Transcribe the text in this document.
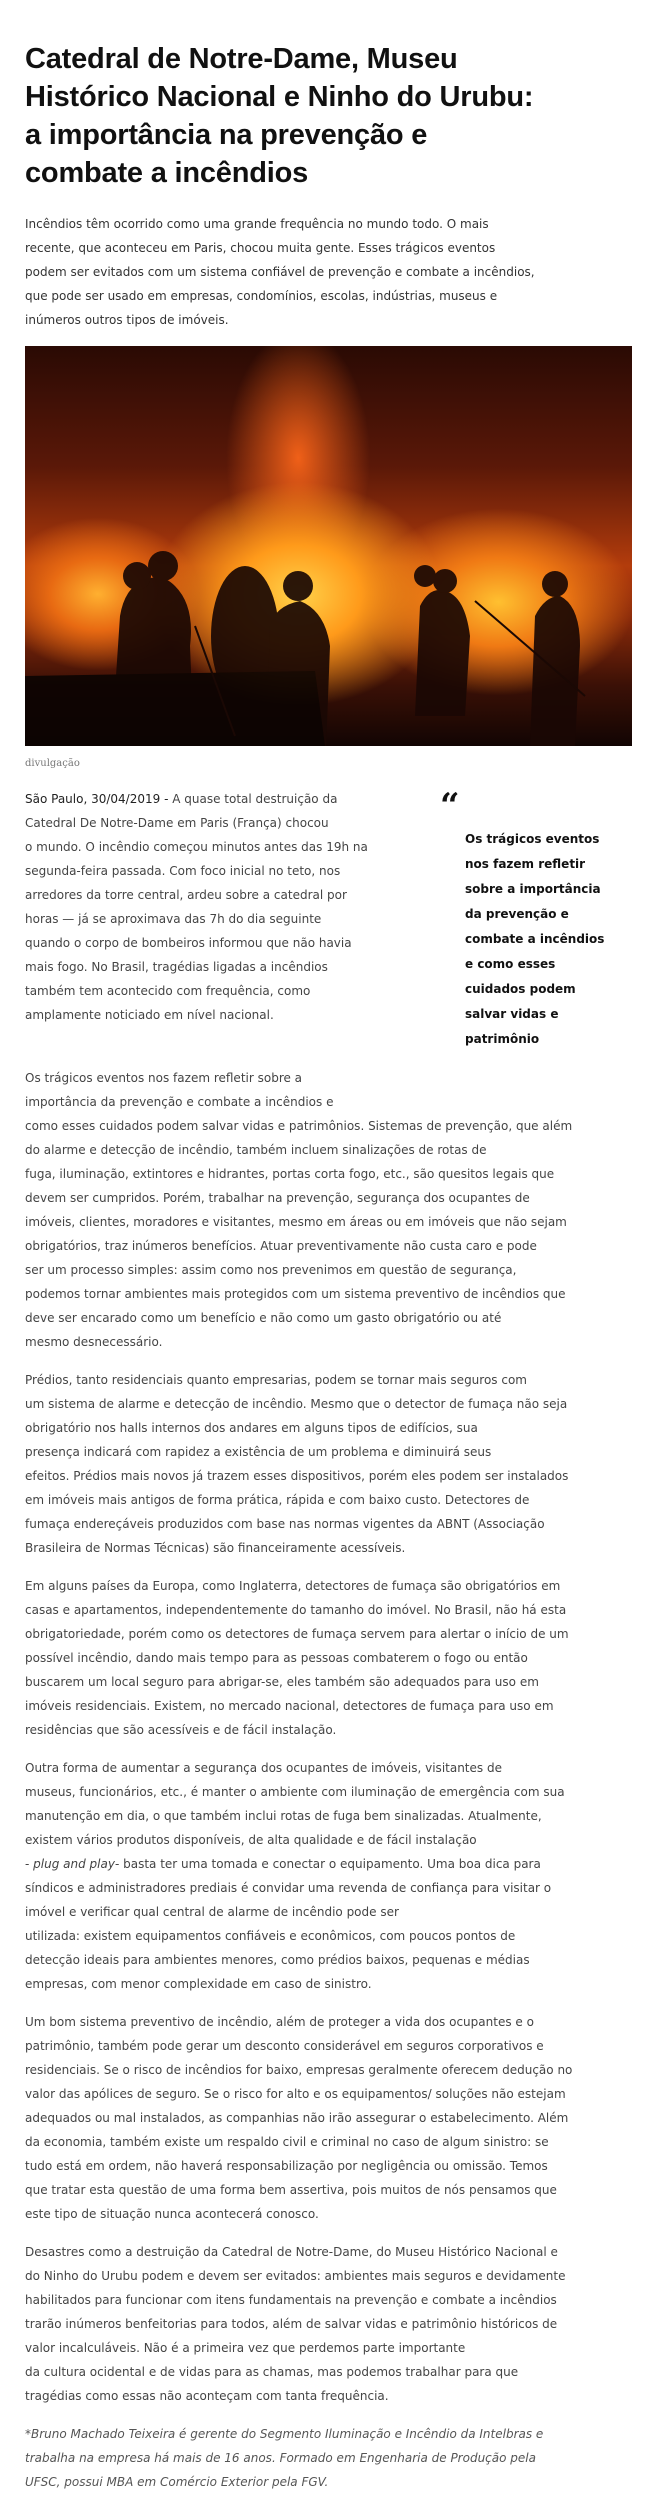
Catedral de Notre-Dame, Museu
Histórico Nacional e Ninho do Urubu:
a importância na prevenção e
combate a incêndios
Incêndios têm ocorrido como uma grande frequência no mundo todo. O mais
recente, que aconteceu em Paris, chocou muita gente. Esses trágicos eventos
podem ser evitados com um sistema confiável de prevenção e combate a incêndios,
que pode ser usado em empresas, condomínios, escolas, indústrias, museus e
inúmeros outros tipos de imóveis.
divulgação
São Paulo, 30/04/2019 - A quase total destruição da
Catedral De Notre-Dame em Paris (França) chocou
o mundo. O incêndio começou minutos antes das 19h na
segunda-feira passada. Com foco inicial no teto, nos
arredores da torre central, ardeu sobre a catedral por
horas — já se aproximava das 7h do dia seguinte
quando o corpo de bombeiros informou que não havia
mais fogo. No Brasil, tragédias ligadas a incêndios
também tem acontecido com frequência, como
amplamente noticiado em nível nacional.
“
Os trágicos eventos
nos fazem refletir
sobre a importância
da prevenção e
combate a incêndios
e como esses
cuidados podem
salvar vidas e
patrimônio
Os trágicos eventos nos fazem refletir sobre a
importância da prevenção e combate a incêndios e
como esses cuidados podem salvar vidas e patrimônios. Sistemas de prevenção, que além
do alarme e detecção de incêndio, também incluem sinalizações de rotas de
fuga, iluminação, extintores e hidrantes, portas corta fogo, etc., são quesitos legais que
devem ser cumpridos. Porém, trabalhar na prevenção, segurança dos ocupantes de
imóveis, clientes, moradores e visitantes, mesmo em áreas ou em imóveis que não sejam
obrigatórios, traz inúmeros benefícios. Atuar preventivamente não custa caro e pode
ser um processo simples: assim como nos prevenimos em questão de segurança,
podemos tornar ambientes mais protegidos com um sistema preventivo de incêndios que
deve ser encarado como um benefício e não como um gasto obrigatório ou até
mesmo desnecessário.
Prédios, tanto residenciais quanto empresarias, podem se tornar mais seguros com
um sistema de alarme e detecção de incêndio. Mesmo que o detector de fumaça não seja
obrigatório nos halls internos dos andares em alguns tipos de edifícios, sua
presença indicará com rapidez a existência de um problema e diminuirá seus
efeitos. Prédios mais novos já trazem esses dispositivos, porém eles podem ser instalados
em imóveis mais antigos de forma prática, rápida e com baixo custo. Detectores de
fumaça endereçáveis produzidos com base nas normas vigentes da ABNT (Associação
Brasileira de Normas Técnicas) são financeiramente acessíveis.
Em alguns países da Europa, como Inglaterra, detectores de fumaça são obrigatórios em
casas e apartamentos, independentemente do tamanho do imóvel. No Brasil, não há esta
obrigatoriedade, porém como os detectores de fumaça servem para alertar o início de um
possível incêndio, dando mais tempo para as pessoas combaterem o fogo ou então
buscarem um local seguro para abrigar-se, eles também são adequados para uso em
imóveis residenciais. Existem, no mercado nacional, detectores de fumaça para uso em
residências que são acessíveis e de fácil instalação.
Outra forma de aumentar a segurança dos ocupantes de imóveis, visitantes de
museus, funcionários, etc., é manter o ambiente com iluminação de emergência com sua
manutenção em dia, o que também inclui rotas de fuga bem sinalizadas. Atualmente,
existem vários produtos disponíveis, de alta qualidade e de fácil instalação
- plug and play- basta ter uma tomada e conectar o equipamento. Uma boa dica para
síndicos e administradores prediais é convidar uma revenda de confiança para visitar o
imóvel e verificar qual central de alarme de incêndio pode ser
utilizada: existem equipamentos confiáveis e econômicos, com poucos pontos de
detecção ideais para ambientes menores, como prédios baixos, pequenas e médias
empresas, com menor complexidade em caso de sinistro.
Um bom sistema preventivo de incêndio, além de proteger a vida dos ocupantes e o
patrimônio, também pode gerar um desconto considerável em seguros corporativos e
residenciais. Se o risco de incêndios for baixo, empresas geralmente oferecem dedução no
valor das apólices de seguro. Se o risco for alto e os equipamentos/ soluções não estejam
adequados ou mal instalados, as companhias não irão assegurar o estabelecimento. Além
da economia, também existe um respaldo civil e criminal no caso de algum sinistro: se
tudo está em ordem, não haverá responsabilização por negligência ou omissão. Temos
que tratar esta questão de uma forma bem assertiva, pois muitos de nós pensamos que
este tipo de situação nunca acontecerá conosco.
Desastres como a destruição da Catedral de Notre-Dame, do Museu Histórico Nacional e
do Ninho do Urubu podem e devem ser evitados: ambientes mais seguros e devidamente
habilitados para funcionar com itens fundamentais na prevenção e combate a incêndios
trarão inúmeros benfeitorias para todos, além de salvar vidas e patrimônio históricos de
valor incalculáveis. Não é a primeira vez que perdemos parte importante
da cultura ocidental e de vidas para as chamas, mas podemos trabalhar para que
tragédias como essas não aconteçam com tanta frequência.
*Bruno Machado Teixeira é gerente do Segmento Iluminação e Incêndio da Intelbras e
trabalha na empresa há mais de 16 anos. Formado em Engenharia de Produção pela
UFSC, possui MBA em Comércio Exterior pela FGV.
